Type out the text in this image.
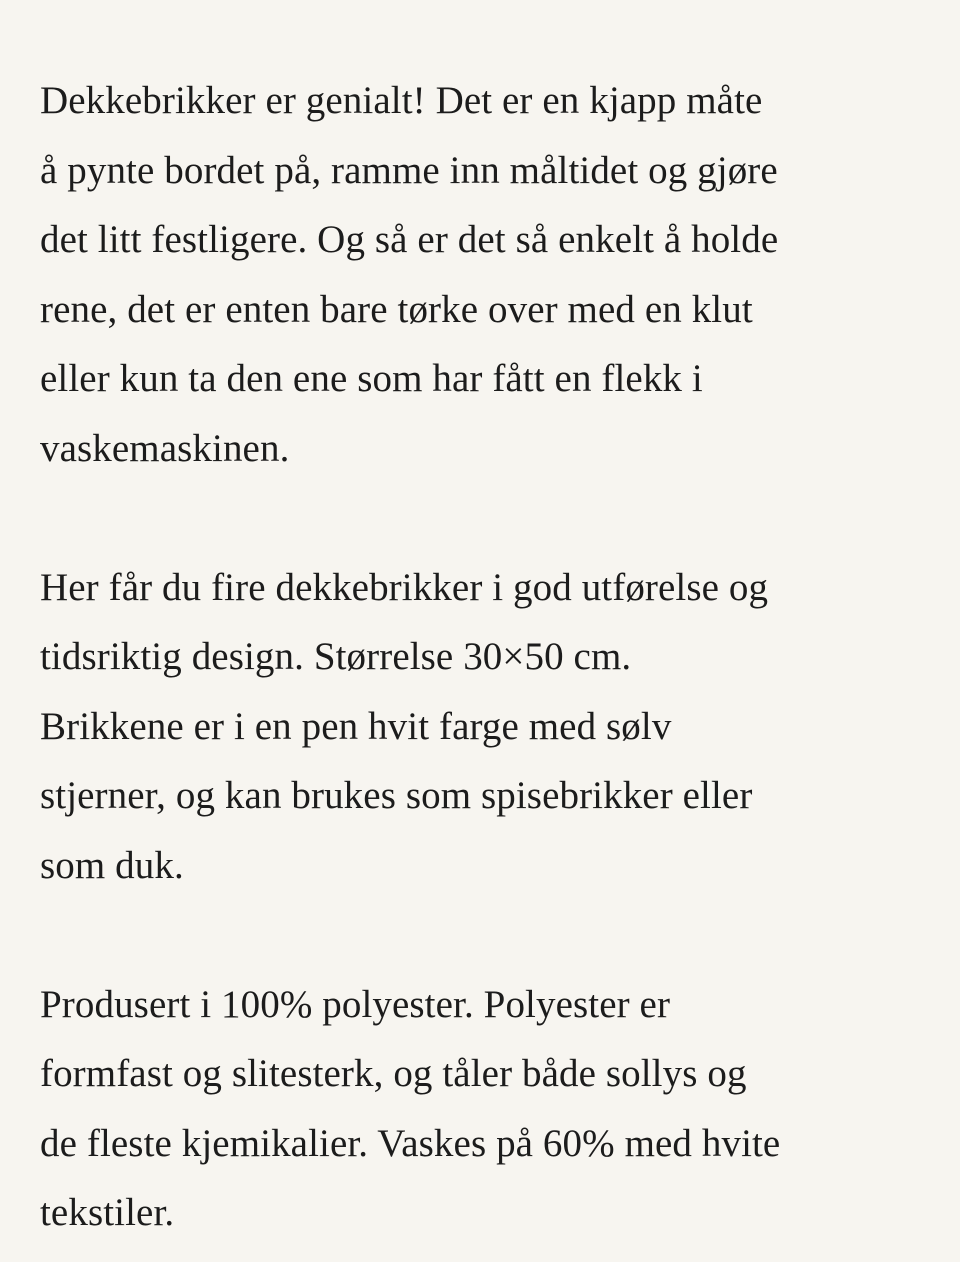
Dekkebrikker er genialt! Det er en kjapp måte
å pynte bordet på, ramme inn måltidet og gjøre
det litt festligere. Og så er det så enkelt å holde
rene, det er enten bare tørke over med en klut
eller kun ta den ene som har fått en flekk i
vaskemaskinen.

Her får du fire dekkebrikker i god utførelse og
tidsriktig design. Størrelse 30×50 cm.
Brikkene er i en pen hvit farge med sølv
stjerner, og kan brukes som spisebrikker eller
som duk.

Produsert i 100% polyester. Polyester er
formfast og slitesterk, og tåler både sollys og
de fleste kjemikalier. Vaskes på 60% med hvite
tekstiler.
